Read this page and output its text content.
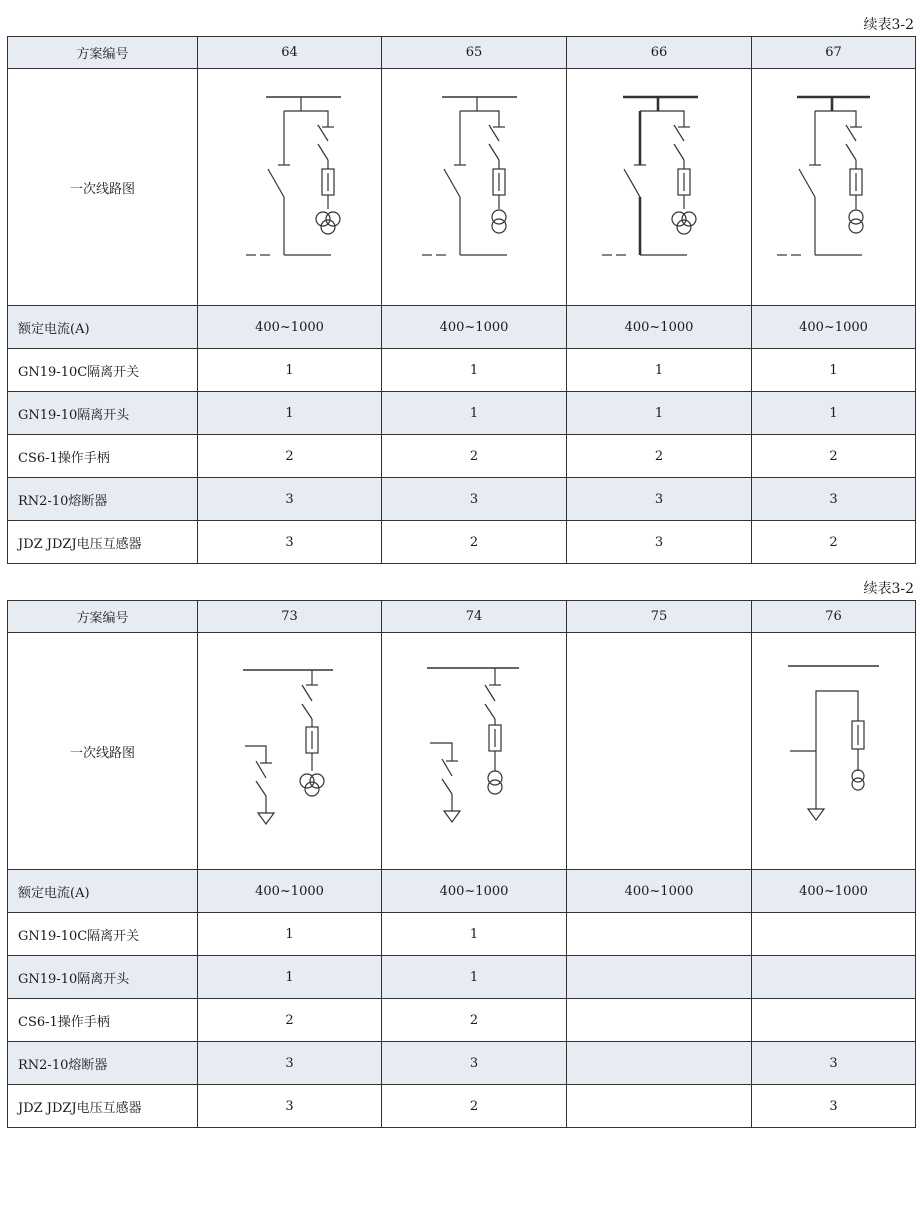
续表3-2
方案编号	64	65	66	67
一次线路图	

额定电流(A)	400~1000	400~1000	400~1000	400~1000
GN19-10C隔离开关	1	1	1	1
GN19-10隔离开头	1	1	1	1
CS6-1操作手柄	2	2	2	2
RN2-10熔断器	3	3	3	3
JDZ JDZJ电压互感器	3	2	3	2
续表3-2
方案编号	73	74	75	76
一次线路图	

额定电流(A)	400~1000	400~1000	400~1000	400~1000
GN19-10C隔离开关	1	1		
GN19-10隔离开头	1	1		
CS6-1操作手柄	2	2		
RN2-10熔断器	3	3		3
JDZ JDZJ电压互感器	3	2		3
